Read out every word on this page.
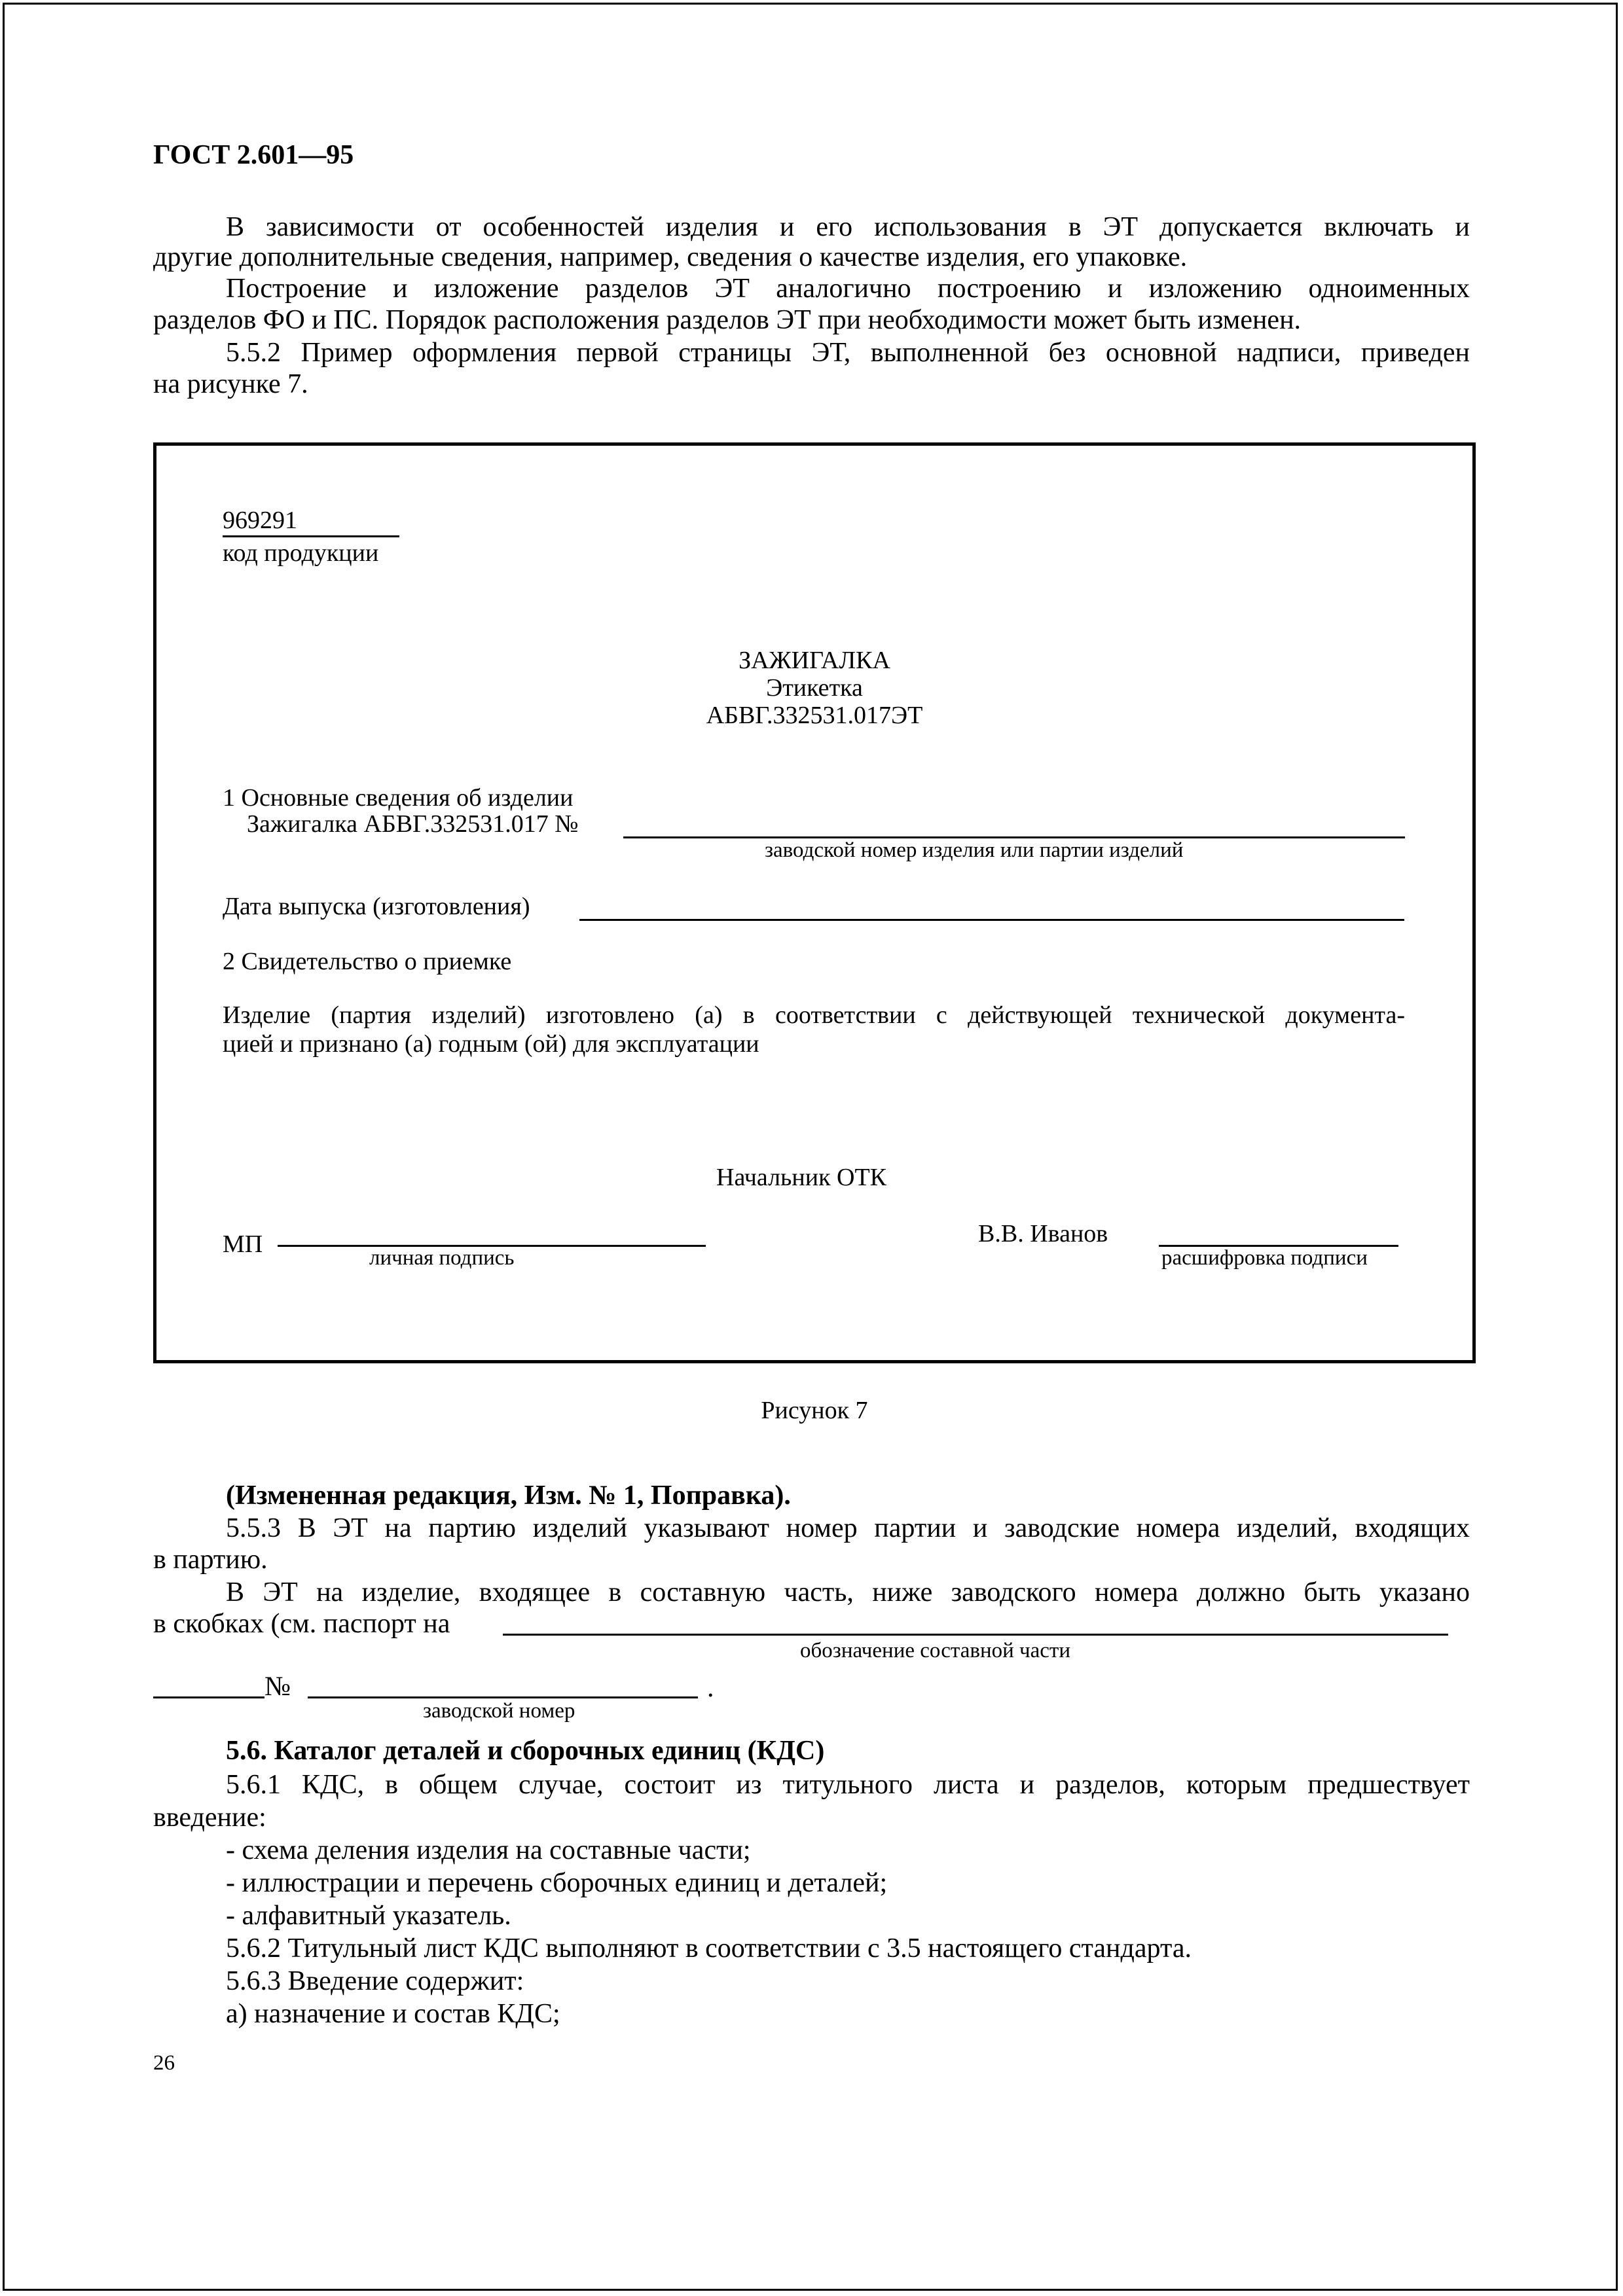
ГОСТ 2.601—95
В зависимости от особенностей изделия и его использования в ЭТ допускается включать и
другие дополнительные сведения, например, сведения о качестве изделия, его упаковке.
Построение и изложение разделов ЭТ аналогично построению и изложению одноименных
разделов ФО и ПС. Порядок расположения разделов ЭТ при необходимости может быть изменен.
5.5.2 Пример оформления первой страницы ЭТ, выполненной без основной надписи, приведен
на рисунке 7.
969291
код продукции
ЗАЖИГАЛКА
Этикетка
АБВГ.332531.017ЭТ
1 Основные сведения об изделии
Зажигалка АБВГ.332531.017 №
заводской номер изделия или партии изделий
Дата выпуска (изготовления)
2 Свидетельство о приемке
Изделие (партия изделий) изготовлено (а) в соответствии с действующей технической документа-
цией и признано (а) годным (ой) для эксплуатации
Начальник ОТК
МП	личная подпись
В.В. Иванов
расшифровка подписи
Рисунок 7
(Измененная редакция, Изм. № 1, Поправка).
5.5.3 В ЭТ на партию изделий указывают номер партии и заводские номера изделий, входящих
в партию.
В ЭТ на изделие, входящее в составную часть, ниже заводского номера должно быть указано
в скобках (см. паспорт на
обозначение составной части
№	.
заводской номер
5.6. Каталог деталей и сборочных единиц (КДС)
5.6.1 КДС, в общем случае, состоит из титульного листа и разделов, которым предшествует
введение:
- схема деления изделия на составные части;
- иллюстрации и перечень сборочных единиц и деталей;
- алфавитный указатель.
5.6.2 Титульный лист КДС выполняют в соответствии с 3.5 настоящего стандарта.
5.6.3 Введение содержит:
а) назначение и состав КДС;
26
